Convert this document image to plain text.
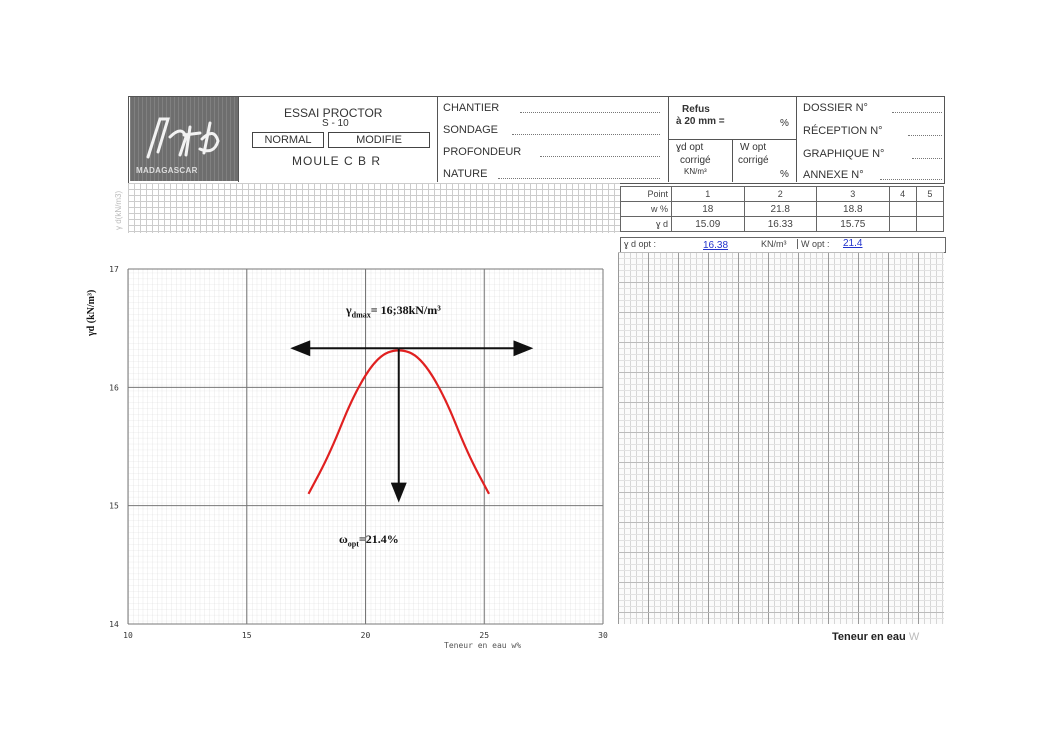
MADAGASCAR
ESSAI PROCTOR
S - 10
NORMAL	MODIFIE
MOULE C B R
CHANTIER
SONDAGE
PROFONDEUR
NATURE
Refus
à 20 mm =	%
ɣd opt
corrigé
KN/m³
W opt
corrigé
%
DOSSIER N°
RÉCEPTION N°
GRAPHIQUE N°
ANNEXE N°
γ d(kN/m3)	Point	1	2	3	4	5
w %	18	21.8	18.8		
ɣ d	15.09	16.33	15.75		
ɣ d opt :	16.38	KN/m³	W opt : 21.4
Teneur en eau W
10	15	20	25	30
14
15
16
17
γd (kN/m³)	$\gamma_{dmax}=$ 16;38kN/m³
$\omega_{opt}=21.4\%$
Teneur en eau w%
